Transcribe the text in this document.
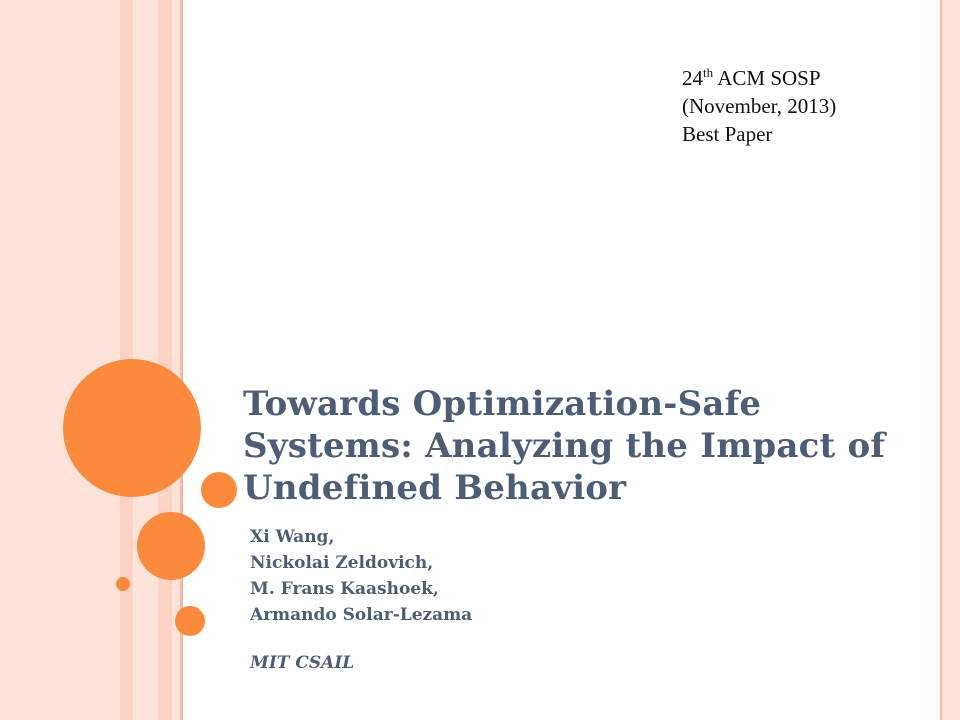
24th ACM SOSP
(November, 2013)
Best Paper
Towards Optimization-Safe
Systems: Analyzing the Impact of
Undefined Behavior
Xi Wang,
Nickolai Zeldovich,
M. Frans Kaashoek,
Armando Solar-Lezama

MIT CSAIL
